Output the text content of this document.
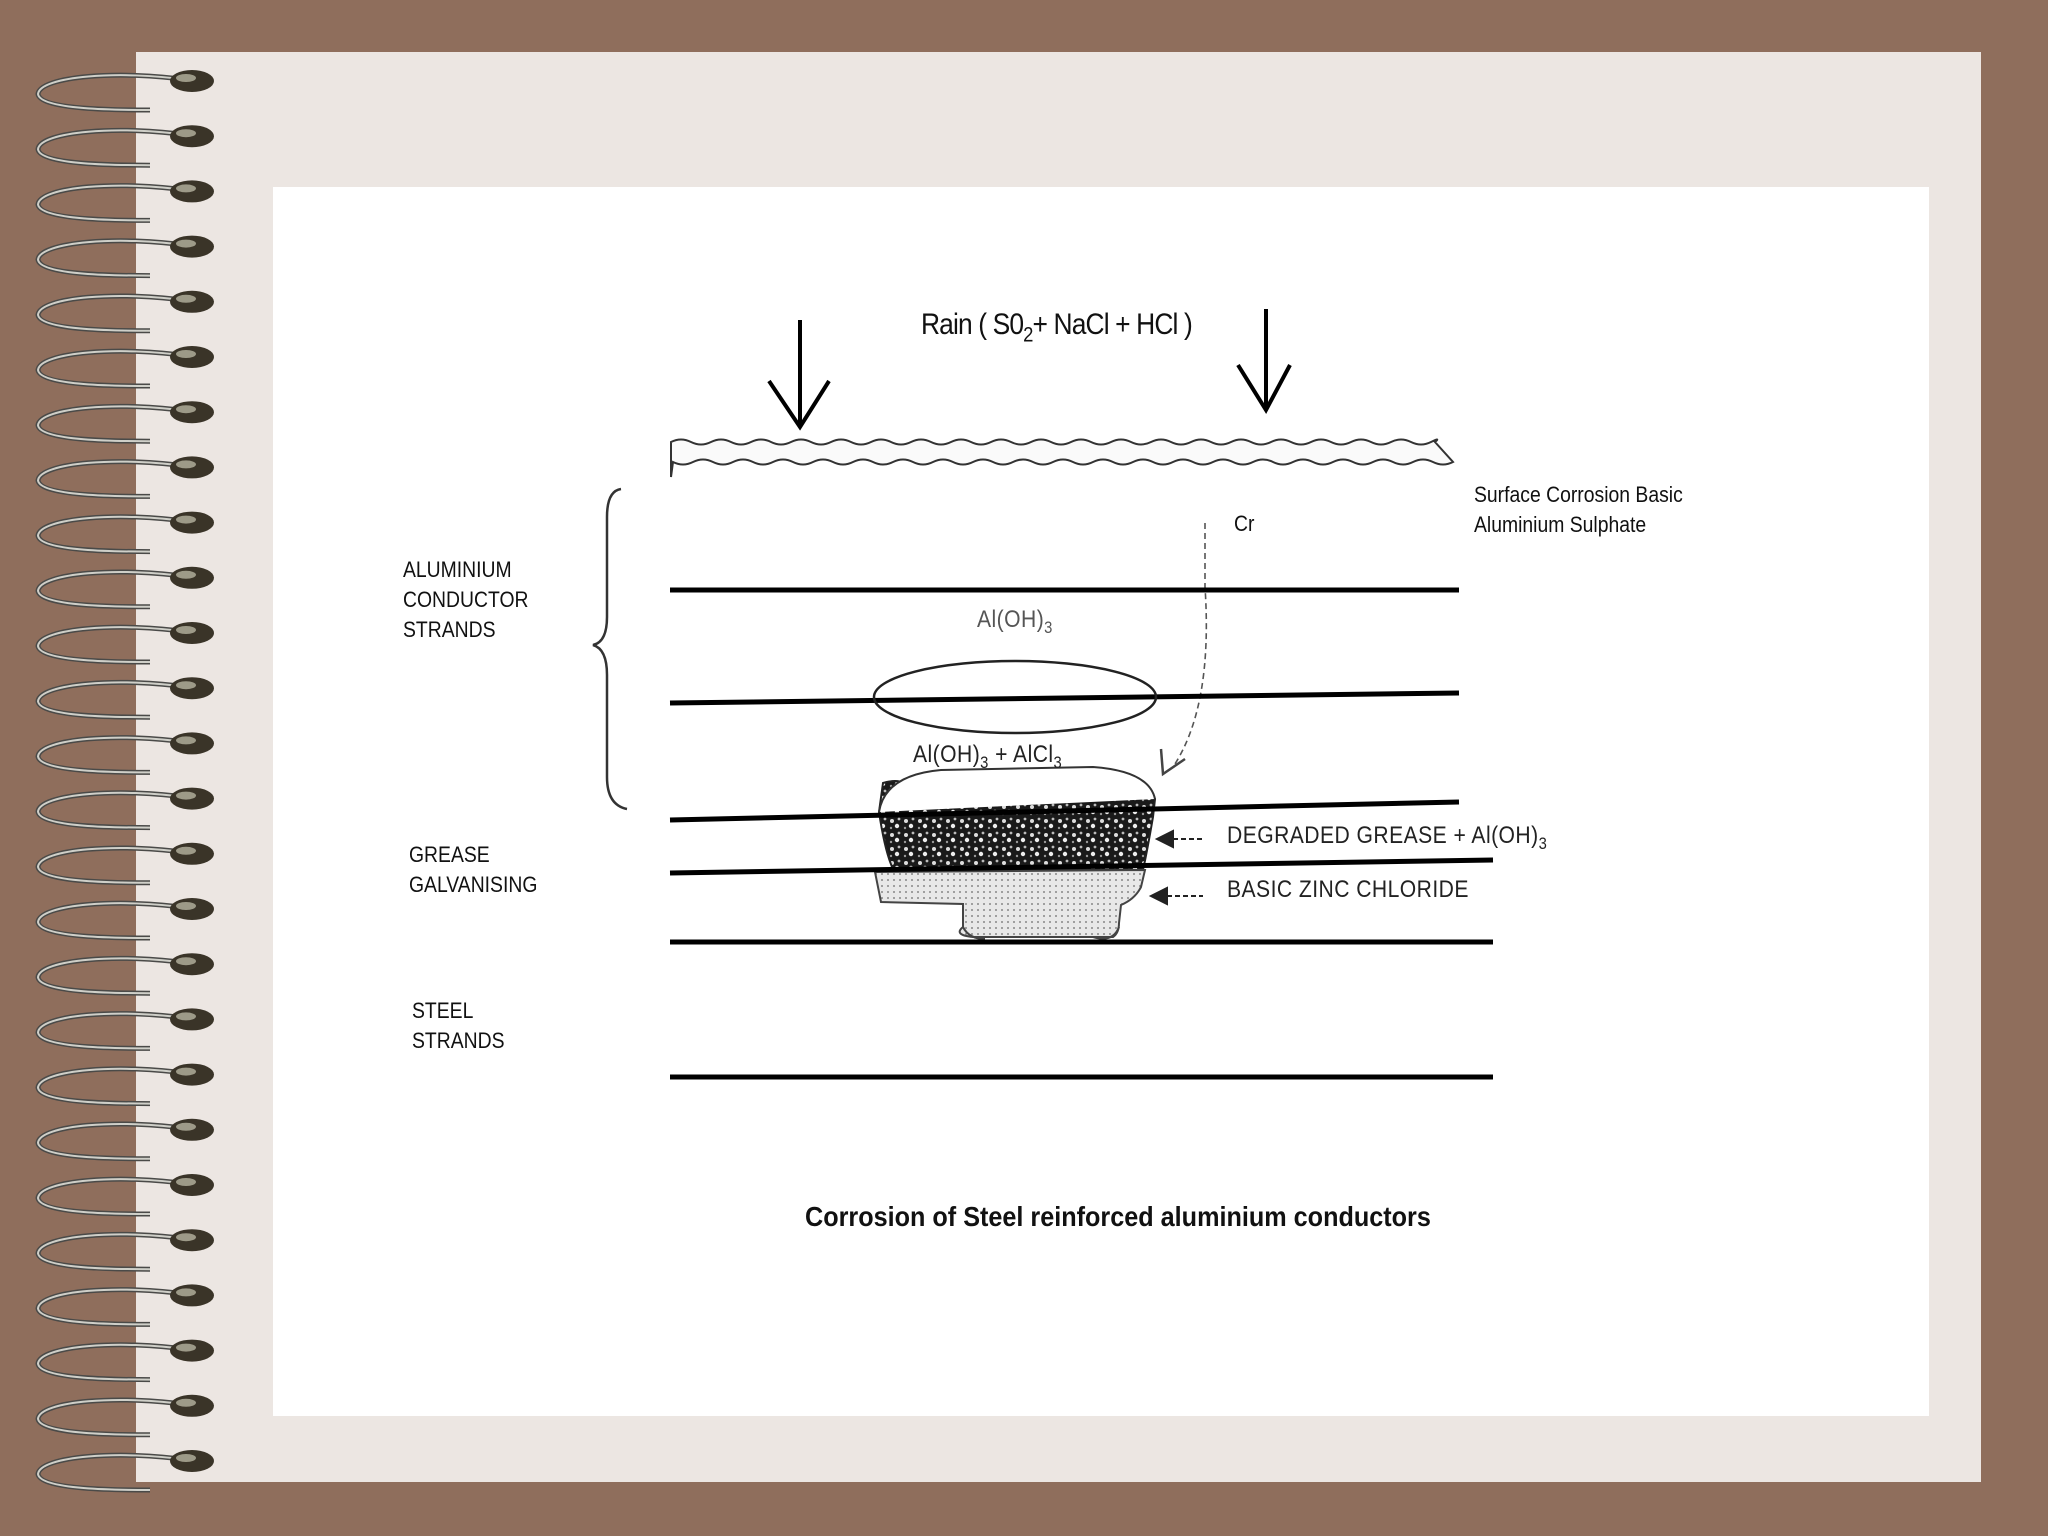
Rain ( $S0_2+$ NaCl + HCl )
Cr
Surface Corrosion Basic
Aluminium Sulphate
ALUMINIUM
CONDUCTOR
STRANDS	$Al(OH)_3$
$Al(OH)_3$ + AlCl$_3$
GREASE
GALVANISING
DEGRADED GREASE + $Al(OH)_3$
BASIC ZINC CHLORIDE
STEEL
STRANDS
Corrosion of Steel reinforced aluminium conductors
